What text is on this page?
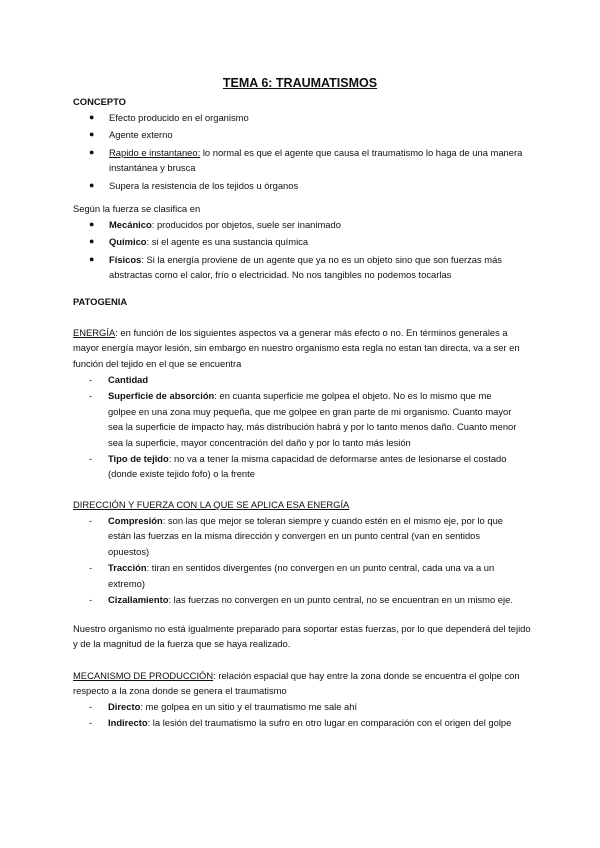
TEMA 6: TRAUMATISMOS
CONCEPTO
● Efecto producido en el organismo
● Agente externo
● Rapido e instantaneo: lo normal es que el agente que causa el traumatismo lo haga de una manera instantánea y brusca
● Supera la resistencia de los tejidos u órganos
Según la fuerza se clasifica en
● Mecánico: producidos por objetos, suele ser inanimado
● Químico: si el agente es una sustancia química
● Físicos: Si la energía proviene de un agente que ya no es un objeto sino que son fuerzas más abstractas como el calor, frío o electricidad. No nos tangibles no podemos tocarlas
PATOGENIA
ENERGÍA: en función de los siguientes aspectos va a generar más efecto o no. En términos generales a mayor energía mayor lesión, sin embargo en nuestro organismo esta regla no estan tan directa, va a ser en función del tejido en el que se encuentra
- Cantidad
- Superficie de absorción: en cuanta superficie me golpea el objeto. No es lo mismo que me golpee en una zona muy pequeña, que me golpee en gran parte de mi organismo. Cuanto mayor sea la superficie de impacto hay, más distribución habrá y por lo tanto menos daño. Cuanto menor sea la superficie, mayor concentración del daño y por lo tanto más lesión
- Tipo de tejido: no va a tener la misma capacidad de deformarse antes de lesionarse el costado (donde existe tejido fofo) o la frente
DIRECCIÓN Y FUERZA CON LA QUE SE APLICA ESA ENERGÍA
- Compresión: son las que mejor se toleran siempre y cuando estén en el mismo eje, por lo que están las fuerzas en la misma dirección y convergen en un punto central (van en sentidos opuestos)
- Tracción: tiran en sentidos divergentes (no convergen en un punto central, cada una va a un extremo)
- Cizallamiento: las fuerzas no convergen en un punto central, no se encuentran en un mismo eje.
Nuestro organismo no está igualmente preparado para soportar estas fuerzas, por lo que dependerá del tejido y de la magnitud de la fuerza que se haya realizado.
MECANISMO DE PRODUCCIÓN: relación espacial que hay entre la zona donde se encuentra el golpe con respecto a la zona donde se genera el traumatismo
- Directo: me golpea en un sitio y el traumatismo me sale ahí
- Indirecto: la lesión del traumatismo la sufro en otro lugar en comparación con el origen del golpe
